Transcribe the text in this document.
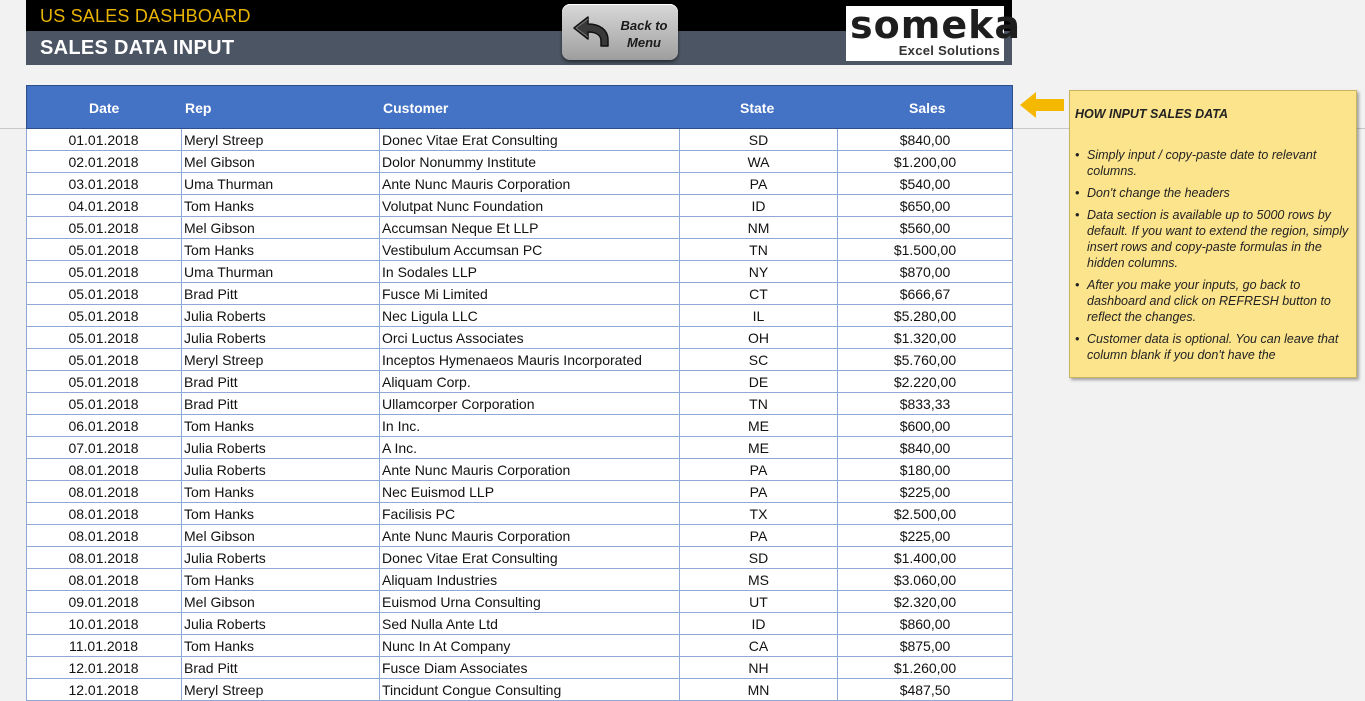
US SALES DASHBOARD
SALES DATA INPUT
Back to
Menu	someka
Excel Solutions
Date	Rep	Customer	State	Sales
01.01.2018	Meryl Streep	Donec Vitae Erat Consulting	SD	$840,00
02.01.2018	Mel Gibson	Dolor Nonummy Institute	WA	$1.200,00
03.01.2018	Uma Thurman	Ante Nunc Mauris Corporation	PA	$540,00
04.01.2018	Tom Hanks	Volutpat Nunc Foundation	ID	$650,00
05.01.2018	Mel Gibson	Accumsan Neque Et LLP	NM	$560,00
05.01.2018	Tom Hanks	Vestibulum Accumsan PC	TN	$1.500,00
05.01.2018	Uma Thurman	In Sodales LLP	NY	$870,00
05.01.2018	Brad Pitt	Fusce Mi Limited	CT	$666,67
05.01.2018	Julia Roberts	Nec Ligula LLC	IL	$5.280,00
05.01.2018	Julia Roberts	Orci Luctus Associates	OH	$1.320,00
05.01.2018	Meryl Streep	Inceptos Hymenaeos Mauris Incorporated	SC	$5.760,00
05.01.2018	Brad Pitt	Aliquam Corp.	DE	$2.220,00
05.01.2018	Brad Pitt	Ullamcorper Corporation	TN	$833,33
06.01.2018	Tom Hanks	In Inc.	ME	$600,00
07.01.2018	Julia Roberts	A Inc.	ME	$840,00
08.01.2018	Julia Roberts	Ante Nunc Mauris Corporation	PA	$180,00
08.01.2018	Tom Hanks	Nec Euismod LLP	PA	$225,00
08.01.2018	Tom Hanks	Facilisis PC	TX	$2.500,00
08.01.2018	Mel Gibson	Ante Nunc Mauris Corporation	PA	$225,00
08.01.2018	Julia Roberts	Donec Vitae Erat Consulting	SD	$1.400,00
08.01.2018	Tom Hanks	Aliquam Industries	MS	$3.060,00
09.01.2018	Mel Gibson	Euismod Urna Consulting	UT	$2.320,00
10.01.2018	Julia Roberts	Sed Nulla Ante Ltd	ID	$860,00
11.01.2018	Tom Hanks	Nunc In At Company	CA	$875,00
12.01.2018	Brad Pitt	Fusce Diam Associates	NH	$1.260,00
12.01.2018	Meryl Streep	Tincidunt Congue Consulting	MN	$487,50
HOW INPUT SALES DATA
• Simply input / copy-paste date to relevant columns.
• Don't change the headers
• Data section is available up to 5000 rows by default. If you want to extend the region, simply insert rows and copy-paste formulas in the hidden columns.
• After you make your inputs, go back to dashboard and click on REFRESH button to reflect the changes.
• Customer data is optional. You can leave that column blank if you don't have the
